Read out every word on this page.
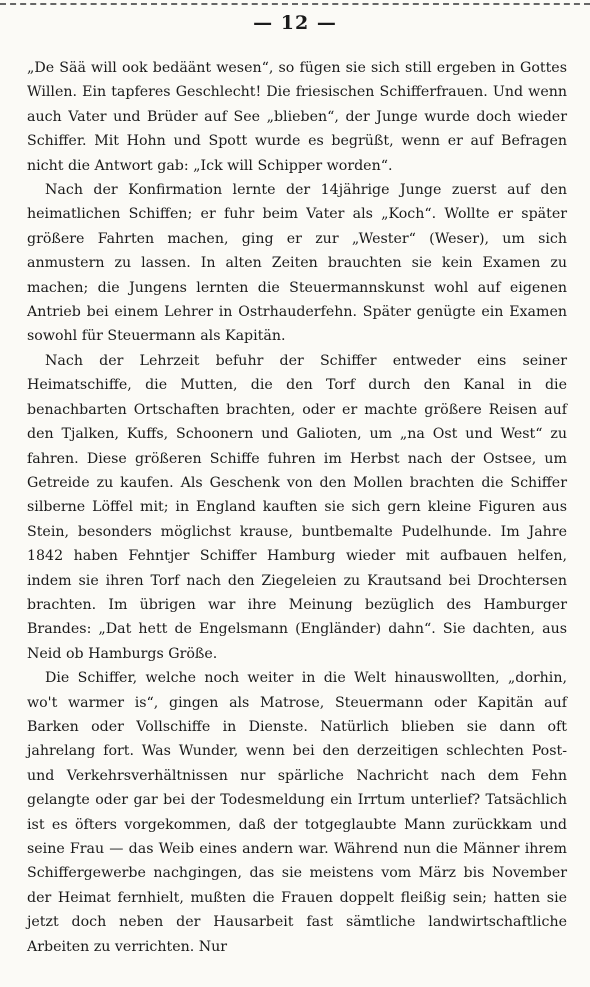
— 12 —

„De Sää will ook bedäänt wesen“, so fügen sie sich still ergeben in Gottes Willen. Ein tapferes Geschlecht! Die friesischen Schifferfrauen. Und wenn auch Vater und Brüder auf See „blieben“, der Junge wurde doch wieder Schiffer. Mit Hohn und Spott wurde es begrüßt, wenn er auf Befragen nicht die Antwort gab: „Ick will Schipper worden“.

Nach der Konfirmation lernte der 14jährige Junge zuerst auf den heimatlichen Schiffen; er fuhr beim Vater als „Koch“. Wollte er später größere Fahrten machen, ging er zur „Wester“ (Weser), um sich anmustern zu lassen. In alten Zeiten brauchten sie kein Examen zu machen; die Jungens lernten die Steuermannskunst wohl auf eigenen Antrieb bei einem Lehrer in Ostrhauderfehn. Später genügte ein Examen sowohl für Steuermann als Kapitän.

Nach der Lehrzeit befuhr der Schiffer entweder eins seiner Heimatschiffe, die Mutten, die den Torf durch den Kanal in die benachbarten Ortschaften brachten, oder er machte größere Reisen auf den Tjalken, Kuffs, Schoonern und Galioten, um „na Ost und West“ zu fahren. Diese größeren Schiffe fuhren im Herbst nach der Ostsee, um Getreide zu kaufen. Als Geschenk von den Mollen brachten die Schiffer silberne Löffel mit; in England kauften sie sich gern kleine Figuren aus Stein, besonders möglichst krause, buntbemalte Pudelhunde. Im Jahre 1842 haben Fehntjer Schiffer Hamburg wieder mit aufbauen helfen, indem sie ihren Torf nach den Ziegeleien zu Krautsand bei Drochtersen brachten. Im übrigen war ihre Meinung bezüglich des Hamburger Brandes: „Dat hett de Engelsmann (Engländer) dahn“. Sie dachten, aus Neid ob Hamburgs Größe.

Die Schiffer, welche noch weiter in die Welt hinauswollten, „dorhin, wo't warmer is“, gingen als Matrose, Steuermann oder Kapitän auf Barken oder Vollschiffe in Dienste. Natürlich blieben sie dann oft jahrelang fort. Was Wunder, wenn bei den derzeitigen schlechten Post- und Verkehrsverhältnissen nur spärliche Nachricht nach dem Fehn gelangte oder gar bei der Todesmeldung ein Irrtum unterlief? Tatsächlich ist es öfters vorgekommen, daß der totgeglaubte Mann zurückkam und seine Frau — das Weib eines andern war. Während nun die Männer ihrem Schiffergewerbe nachgingen, das sie meistens vom März bis November der Heimat fernhielt, mußten die Frauen doppelt fleißig sein; hatten sie jetzt doch neben der Hausarbeit fast sämtliche landwirtschaftliche Arbeiten zu verrichten. Nur
